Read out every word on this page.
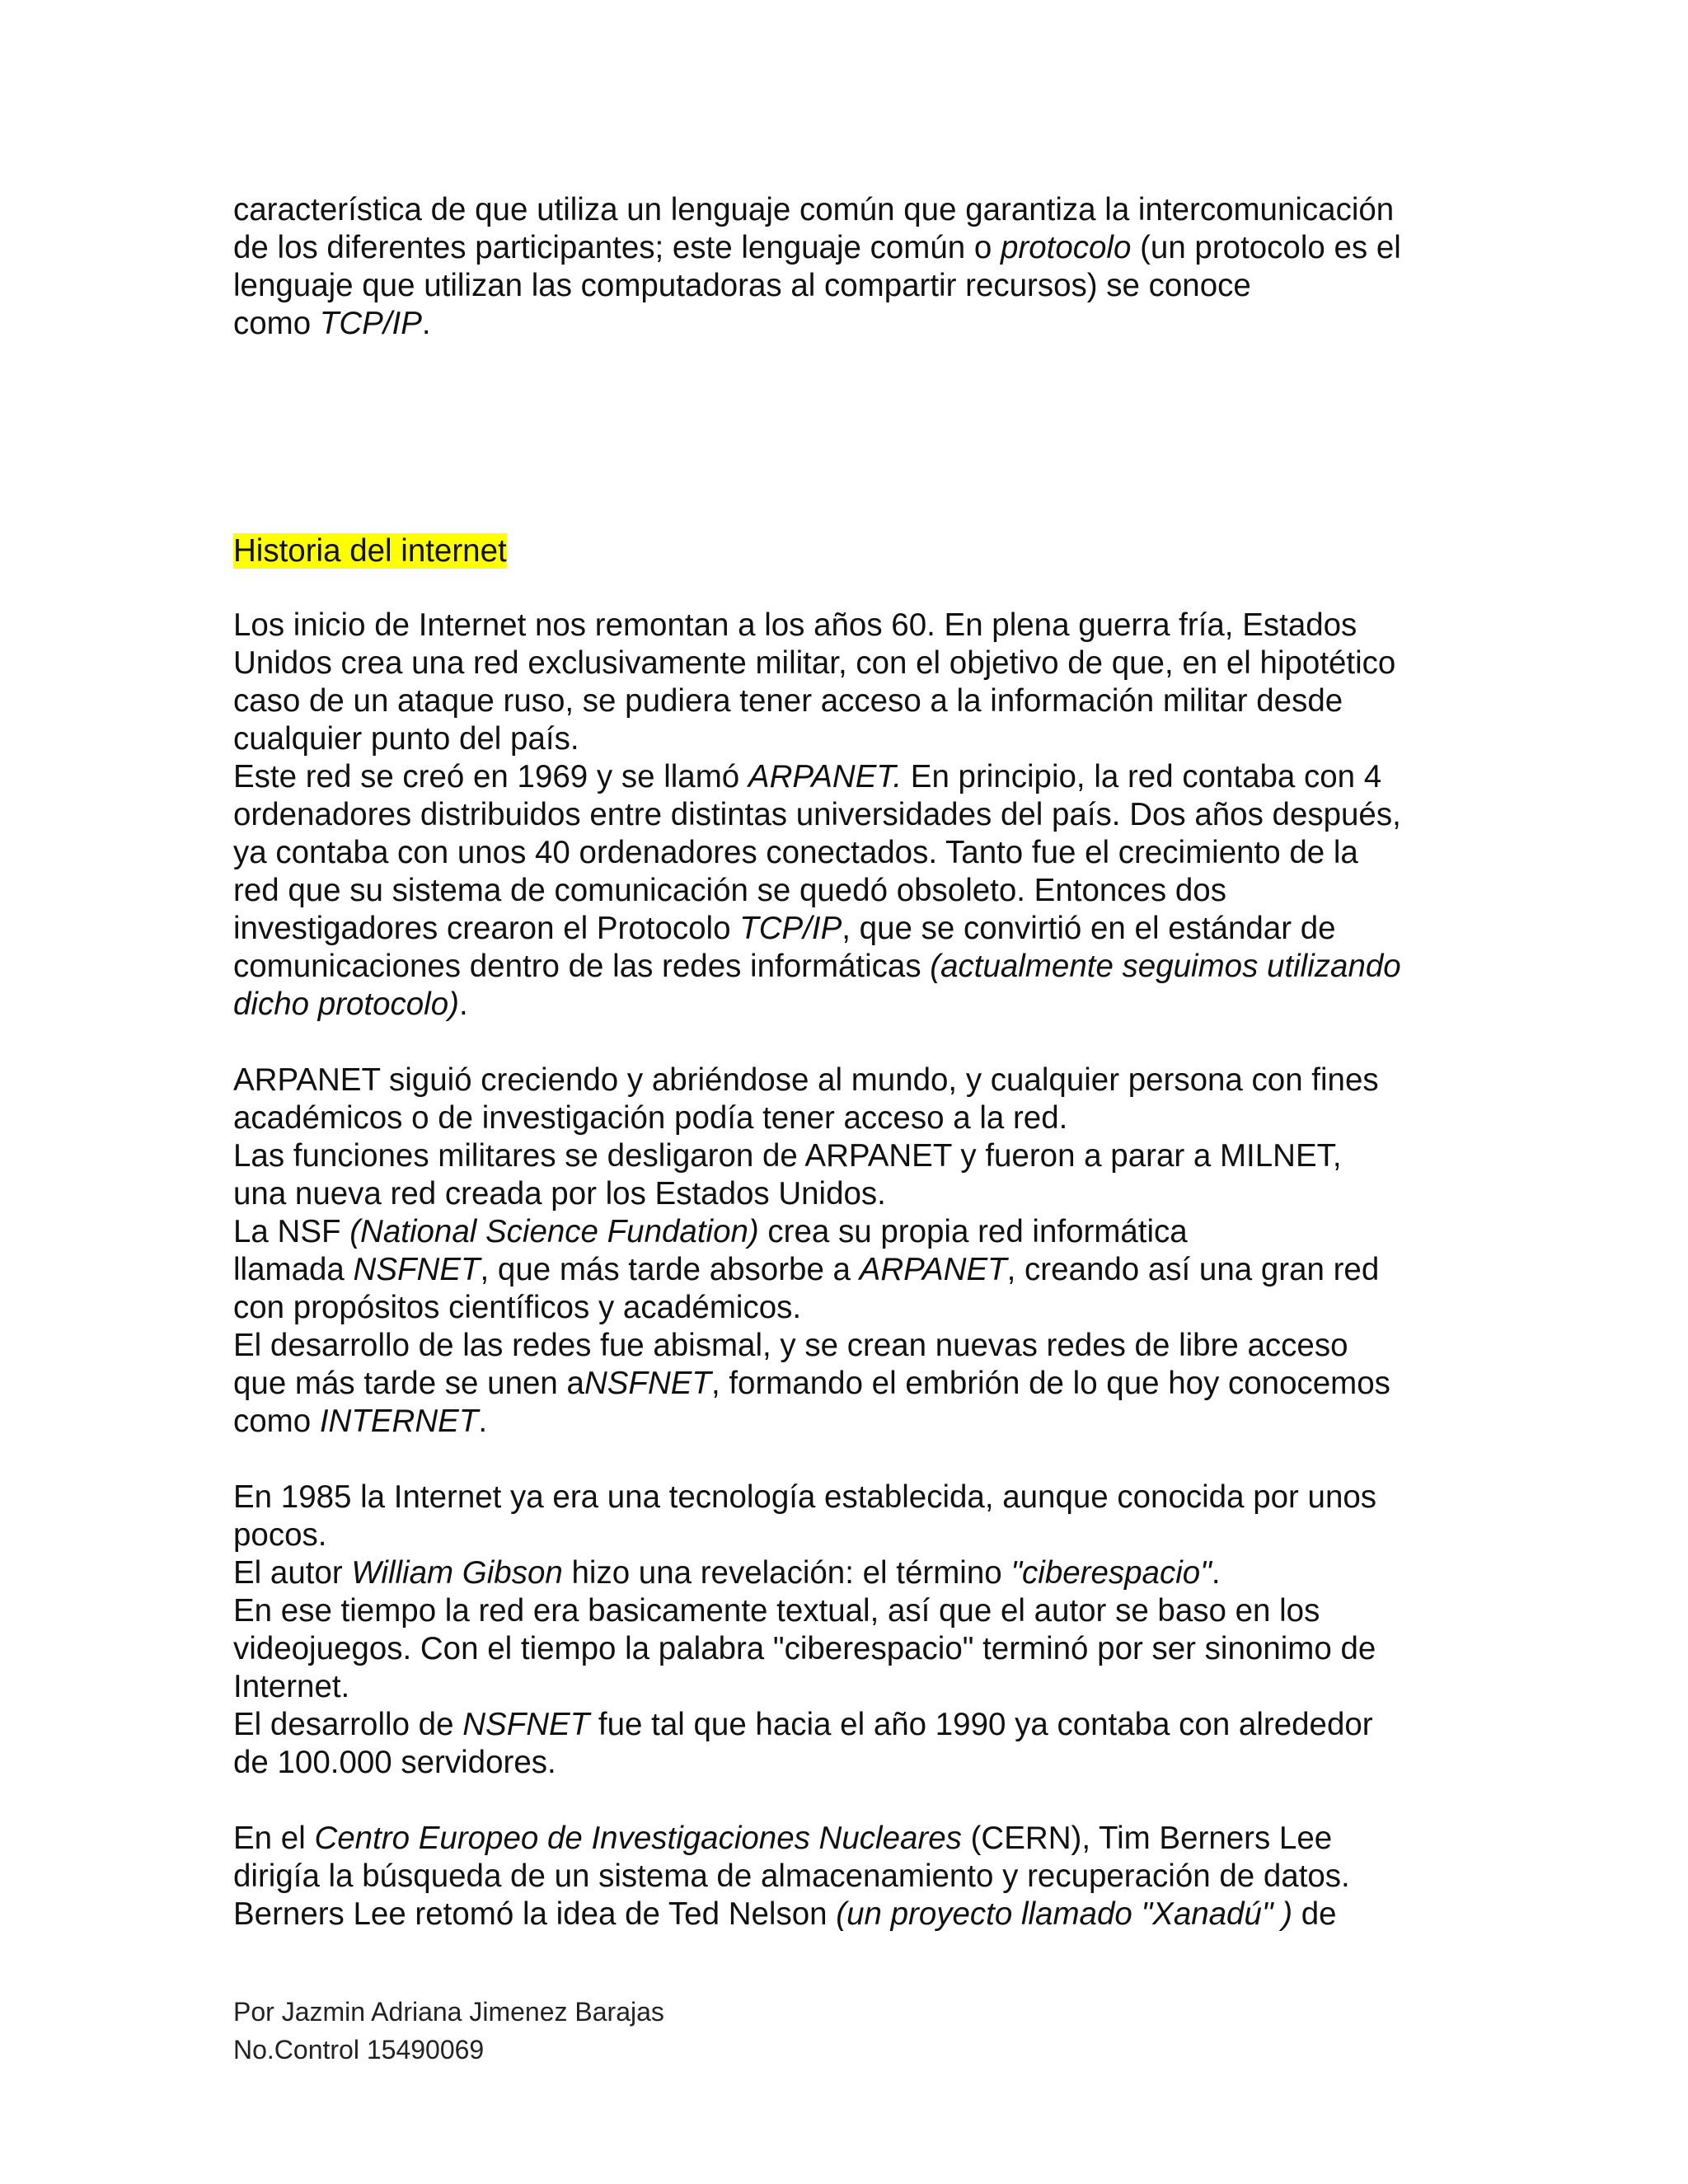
característica de que utiliza un lenguaje común que garantiza la intercomunicación

de los diferentes participantes; este lenguaje común o protocolo (un protocolo es el

lenguaje que utilizan las computadoras al compartir recursos) se conoce

como TCP/IP.

Historia del internet

Los inicio de Internet nos remontan a los años 60. En plena guerra fría, Estados

Unidos crea una red exclusivamente militar, con el objetivo de que, en el hipotético

caso de un ataque ruso, se pudiera tener acceso a la información militar desde

cualquier punto del país.

Este red se creó en 1969 y se llamó ARPANET. En principio, la red contaba con 4

ordenadores distribuidos entre distintas universidades del país. Dos años después,

ya contaba con unos 40 ordenadores conectados. Tanto fue el crecimiento de la

red que su sistema de comunicación se quedó obsoleto. Entonces dos

investigadores crearon el Protocolo TCP/IP, que se convirtió en el estándar de

comunicaciones dentro de las redes informáticas (actualmente seguimos utilizando

dicho protocolo).

ARPANET siguió creciendo y abriéndose al mundo, y cualquier persona con fines

académicos o de investigación podía tener acceso a la red.

Las funciones militares se desligaron de ARPANET y fueron a parar a MILNET,

una nueva red creada por los Estados Unidos.

La NSF (National Science Fundation) crea su propia red informática

llamada NSFNET, que más tarde absorbe a ARPANET, creando así una gran red

con propósitos científicos y académicos.

El desarrollo de las redes fue abismal, y se crean nuevas redes de libre acceso

que más tarde se unen aNSFNET, formando el embrión de lo que hoy conocemos

como INTERNET.

En 1985 la Internet ya era una tecnología establecida, aunque conocida por unos

pocos.

El autor William Gibson hizo una revelación: el término "ciberespacio".

En ese tiempo la red era basicamente textual, así que el autor se baso en los

videojuegos. Con el tiempo la palabra "ciberespacio" terminó por ser sinonimo de

Internet.

El desarrollo de NSFNET fue tal que hacia el año 1990 ya contaba con alrededor

de 100.000 servidores.

En el Centro Europeo de Investigaciones Nucleares (CERN), Tim Berners Lee

dirigía la búsqueda de un sistema de almacenamiento y recuperación de datos.

Berners Lee retomó la idea de Ted Nelson (un proyecto llamado "Xanadú" ) de

Por Jazmin Adriana Jimenez Barajas

No.Control 15490069
